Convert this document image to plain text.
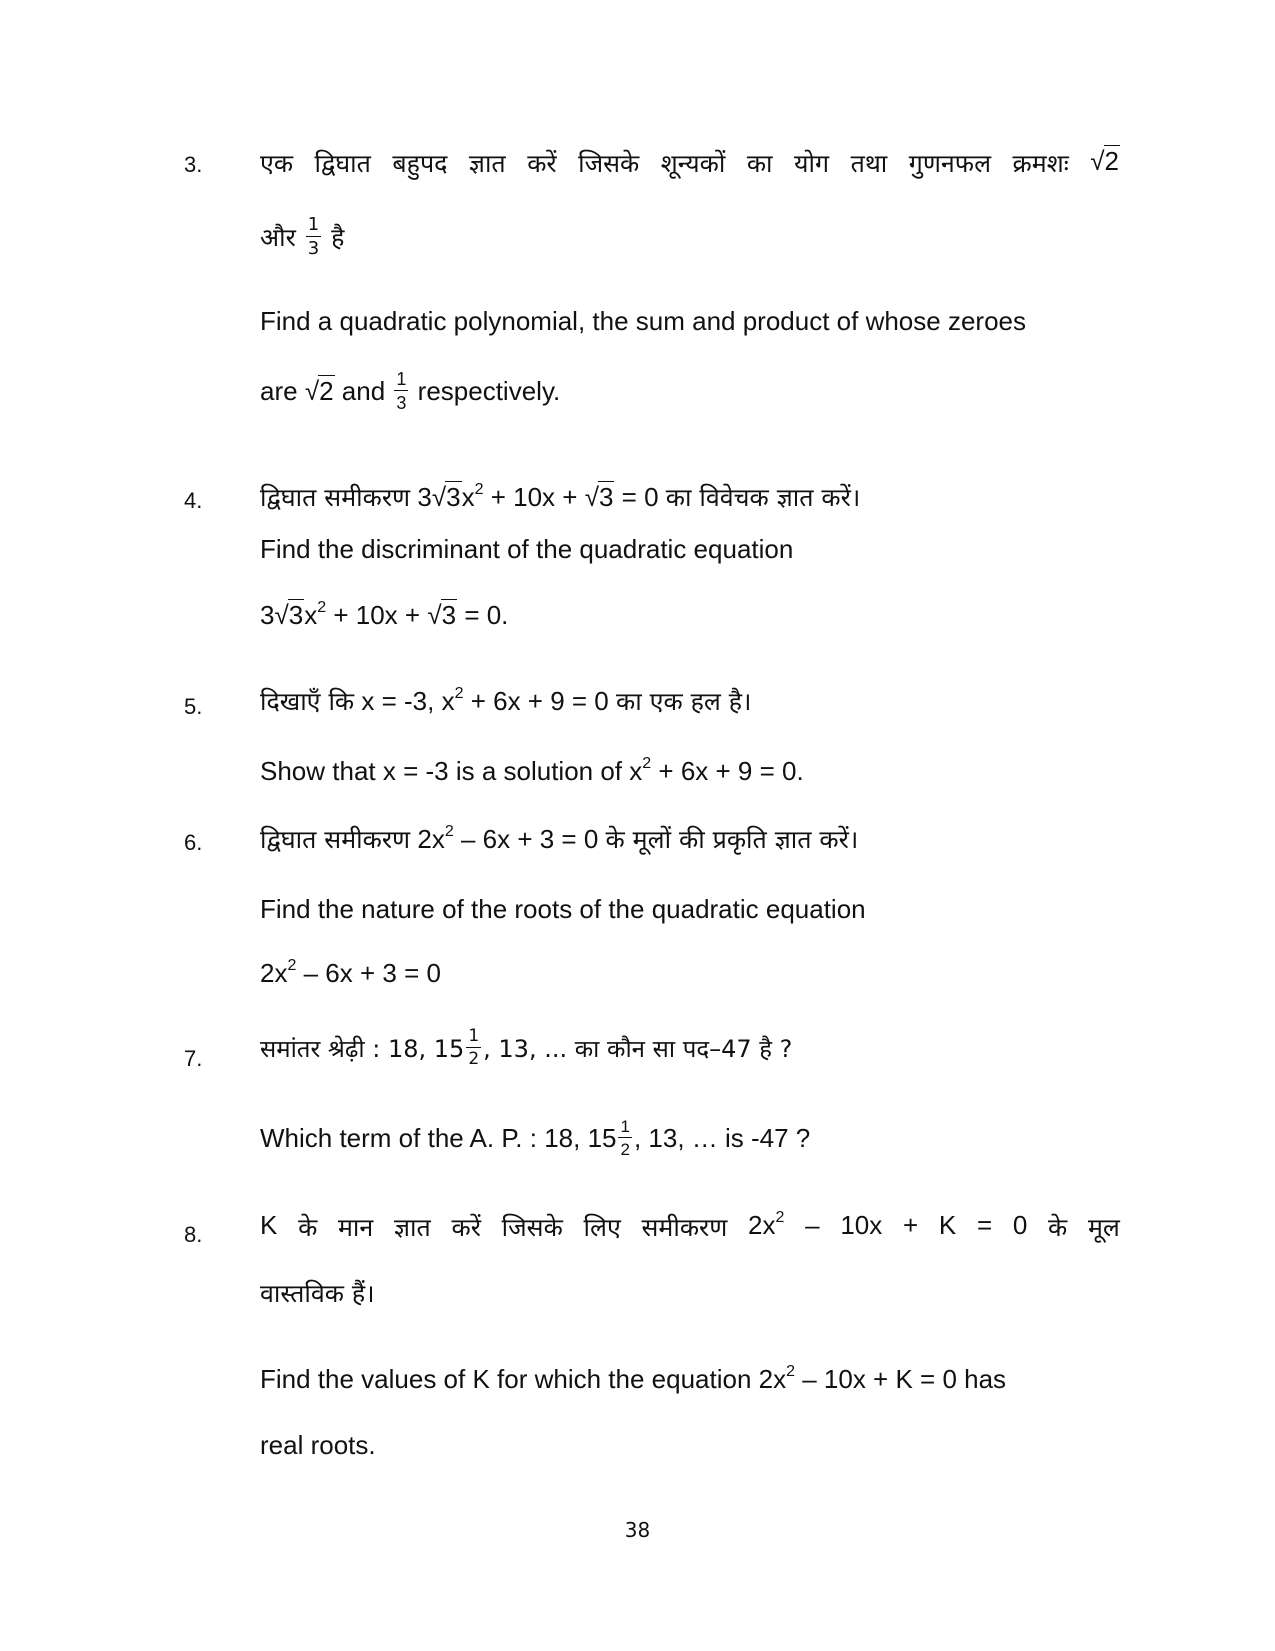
3. एक द्विघात बहुपद ज्ञात करें जिसके शून्यकों का योग तथा गुणनफल क्रमशः √2
और $\frac{1}{3}$ है
Find a quadratic polynomial, the sum and product of whose zeroes
are √2 and $\frac{1}{3}$ respectively.
4. द्विघात समीकरण $3√3x^2 + 10x + √3 = 0$ का विवेचक ज्ञात करें।
Find the discriminant of the quadratic equation
$3√3x^2 + 10x + √3 = 0$.
5. दिखाएँ कि x = -3, $x^2 + 6x + 9 = 0$ का एक हल है।
Show that x = -3 is a solution of $x^2 + 6x + 9 = 0$.
6. द्विघात समीकरण $2x^2 - 6x + 3 = 0$ के मूलों की प्रकृति ज्ञात करें।
Find the nature of the roots of the quadratic equation
$2x^2 - 6x + 3 = 0$
7. समांतर श्रेढ़ी : 18, $15 \frac{1}{2}$ , 13, ... का कौन सा पद–47 है ?
Which term of the A. P. : 18, $15 \frac{1}{2}$ , 13, … is -47 ?
8. K के मान ज्ञात करें जिसके लिए समीकरण $2x^2 - 10x + K = 0$ के मूल
वास्तविक हैं।
Find the values of K for which the equation $2x^2 - 10x + K = 0$ has
real roots.
38
